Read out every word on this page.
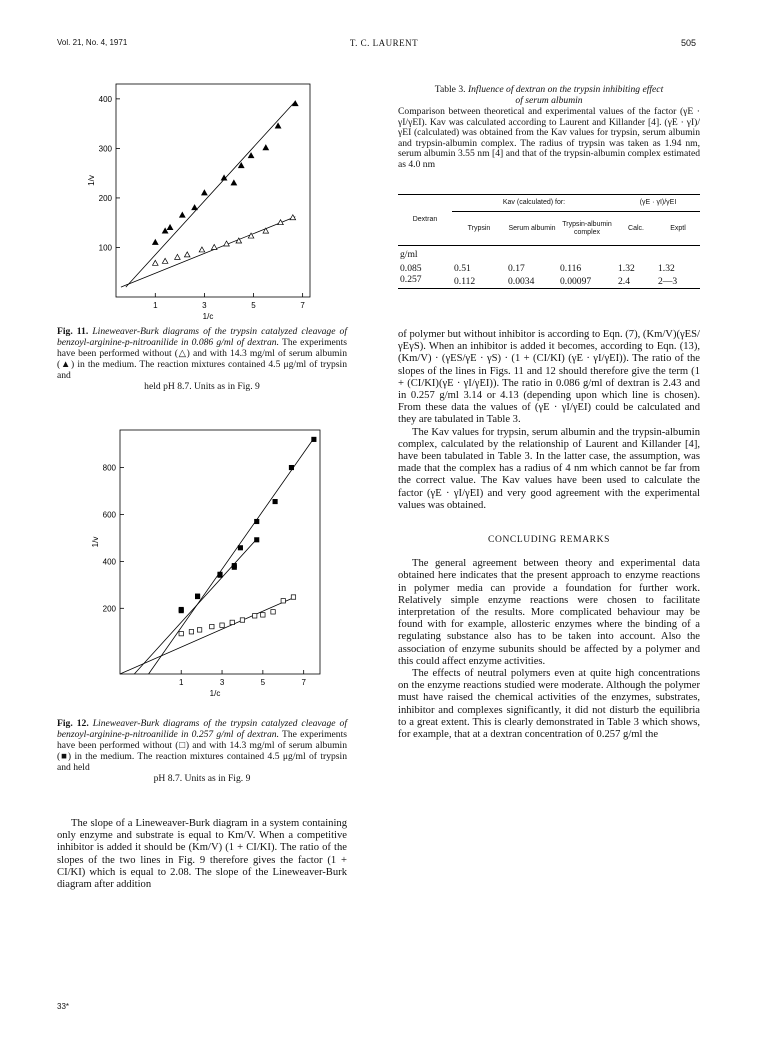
Vol. 21, No. 4, 1971	T. C. LAURENT	505
100
200
300
400
1	3	5	7
1/c
1/v
Fig. 11. Lineweaver-Burk diagrams of the trypsin catalyzed cleavage of benzoyl-arginine-p-nitroanilide in 0.086 g/ml of dextran. The experiments have been performed without (△) and with 14.3 mg/ml of serum albumin (▲) in the medium. The reaction mixtures contained 4.5 μg/ml of trypsin and
held pH 8.7. Units as in Fig. 9
200
400
600
800
1	3	5	7
1/c
1/v
Fig. 12. Lineweaver-Burk diagrams of the trypsin catalyzed cleavage of benzoyl-arginine-p-nitroanilide in 0.257 g/ml of dextran. The experiments have been performed without (□) and with 14.3 mg/ml of serum albumin (■) in the medium. The reaction mixtures contained 4.5 μg/ml of trypsin and held
pH 8.7. Units as in Fig. 9

The slope of a Lineweaver-Burk diagram in a system containing only enzyme and substrate is equal to Km/V. When a competitive inhibitor is added it should be (Km/V) (1 + CI/KI). The ratio of the slopes of the two lines in Fig. 9 therefore gives the factor (1 + CI/KI) which is equal to 2.08. The slope of the Lineweaver-Burk diagram after addition

33*
Table 3. Influence of dextran on the trypsin inhibiting effect
of serum albumin
Comparison between theoretical and experimental values of the factor (γE · γI/γEI). Kav was calculated according to Laurent and Killander [4]. (γE · γI)/γEI (calculated) was obtained from the Kav values for trypsin, serum albumin and trypsin-albumin complex. The radius of trypsin was taken as 1.94 nm, serum albumin 3.55 nm [4] and that of the trypsin-albumin complex estimated as 4.0 nm
Dextran	Kav (calculated) for:			(γE · γI)/γEI	
	Trypsin	Serum albumin	Trypsin-albumin complex	Calc.	Exptl
g/ml					
0.085	0.51	0.17	0.116	1.32	1.32
0.257	0.112	0.0034	0.00097	2.4	2—3

of polymer but without inhibitor is according to Eqn. (7), (Km/V)(γES/γEγS). When an inhibitor is added it becomes, according to Eqn. (13), (Km/V) · (γES/γE · γS) · (1 + (CI/KI) (γE · γI/γEI)). The ratio of the slopes of the lines in Figs. 11 and 12 should therefore give the term (1 + (CI/KI)(γE · γI/γEI)). The ratio in 0.086 g/ml of dextran is 2.43 and in 0.257 g/ml 3.14 or 4.13 (depending upon which line is chosen). From these data the values of (γE · γI/γEI) could be calculated and they are tabulated in Table 3.

The Kav values for trypsin, serum albumin and the trypsin-albumin complex, calculated by the relationship of Laurent and Killander [4], have been tabulated in Table 3. In the latter case, the assumption, was made that the complex has a radius of 4 nm which cannot be far from the correct value. The Kav values have been used to calculate the factor (γE · γI/γEI) and very good agreement with the experimental values was obtained.

CONCLUDING REMARKS

The general agreement between theory and experimental data obtained here indicates that the present approach to enzyme reactions in polymer media can provide a foundation for further work. Relatively simple enzyme reactions were chosen to facilitate interpretation of the results. More complicated behaviour may be found with for example, allosteric enzymes where the binding of a regulating substance also has to be taken into account. Also the association of enzyme subunits should be affected by a polymer and this could affect enzyme activities.

The effects of neutral polymers even at quite high concentrations on the enzyme reactions studied were moderate. Although the polymer must have raised the chemical activities of the enzymes, substrates, inhibitor and complexes significantly, it did not disturb the equilibria to a great extent. This is clearly demonstrated in Table 3 which shows, for example, that at a dextran concentration of 0.257 g/ml the
